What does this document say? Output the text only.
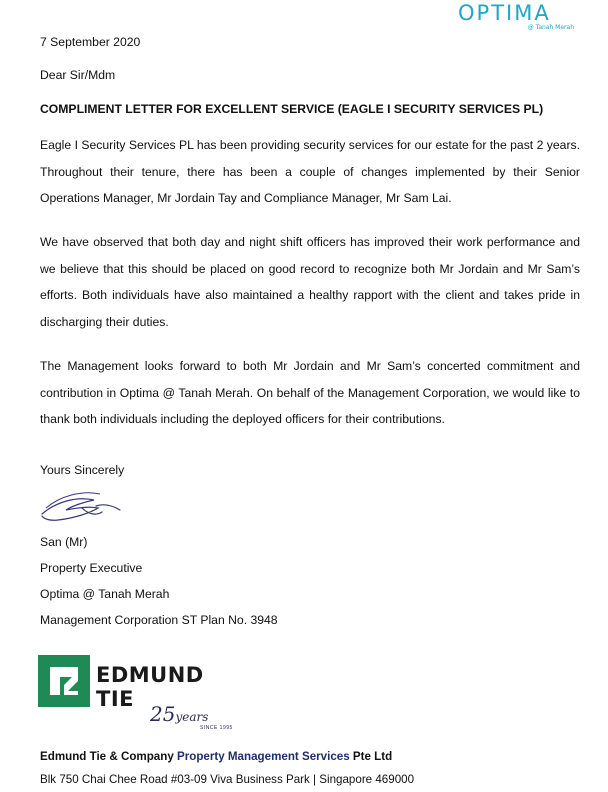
OPTIMA
@ Tanah Merah
7 September 2020
Dear Sir/Mdm
COMPLIMENT LETTER FOR EXCELLENT SERVICE (EAGLE I SECURITY SERVICES PL)
Eagle I Security Services PL has been providing security services for our estate for the past 2 years. Throughout their tenure, there has been a couple of changes implemented by their Senior Operations Manager, Mr Jordain Tay and Compliance Manager, Mr Sam Lai.
We have observed that both day and night shift officers has improved their work performance and we believe that this should be placed on good record to recognize both Mr Jordain and Mr Sam’s efforts. Both individuals have also maintained a healthy rapport with the client and takes pride in discharging their duties.
The Management looks forward to both Mr Jordain and Mr Sam’s concerted commitment and contribution in Optima @ Tanah Merah. On behalf of the Management Corporation, we would like to thank both individuals including the deployed officers for their contributions.
Yours Sincerely
San (Mr)
Property Executive
Optima @ Tanah Merah
Management Corporation ST Plan No. 3948
EDMUND
TIE
25years
SINCE 1995
Edmund Tie & Company Property Management Services Pte Ltd
Blk 750 Chai Chee Road #03-09 Viva Business Park | Singapore 469000
